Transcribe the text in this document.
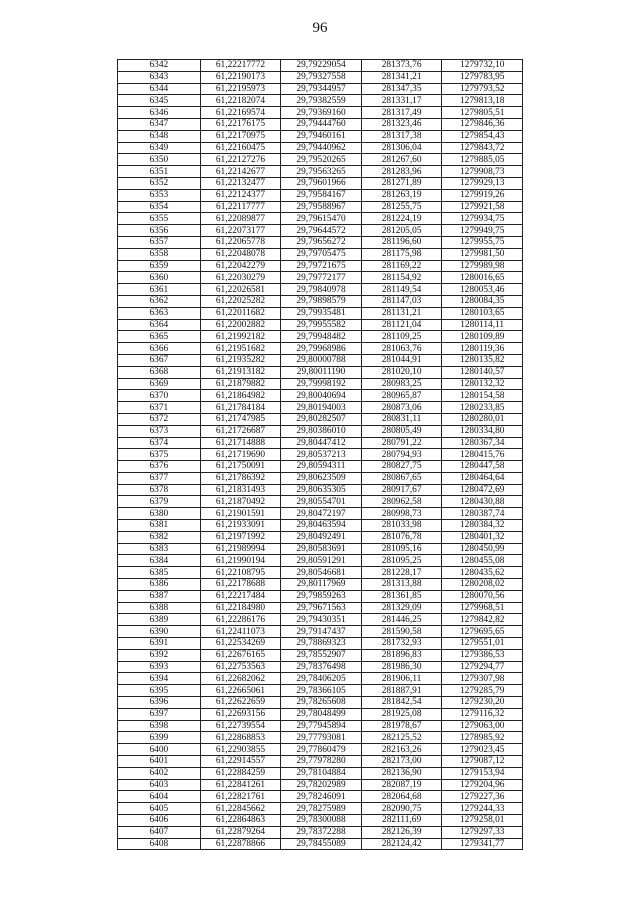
96
6342	61,22217772	29,79229054	281373,76	1279732,10
6343	61,22190173	29,79327558	281341,21	1279783,95
6344	61,22195973	29,79344957	281347,35	1279793,52
6345	61,22182074	29,79382559	281331,17	1279813,18
6346	61,22169574	29,79369160	281317,49	1279805,51
6347	61,22176175	29,79444760	281323,46	1279846,36
6348	61,22170975	29,79460161	281317,38	1279854,43
6349	61,22160475	29,79440962	281306,04	1279843,72
6350	61,22127276	29,79520265	281267,60	1279885,05
6351	61,22142677	29,79563265	281283,96	1279908,73
6352	61,22132477	29,79601966	281271,89	1279929,13
6353	61,22124377	29,79584167	281263,19	1279919,26
6354	61,22117777	29,79588967	281255,75	1279921,58
6355	61,22089877	29,79615470	281224,19	1279934,75
6356	61,22073177	29,79644572	281205,05	1279949,75
6357	61,22065778	29,79656272	281196,60	1279955,75
6358	61,22048078	29,79705475	281175,98	1279981,50
6359	61,22042279	29,79721675	281169,22	1279989,98
6360	61,22030279	29,79772177	281154,92	1280016,65
6361	61,22026581	29,79840978	281149,54	1280053,46
6362	61,22025282	29,79898579	281147,03	1280084,35
6363	61,22011682	29,79935481	281131,21	1280103,65
6364	61,22002882	29,79955582	281121,04	1280114,11
6365	61,21992182	29,79948482	281109,25	1280109,89
6366	61,21951682	29,79968986	281063,76	1280119,36
6367	61,21935282	29,80000788	281044,91	1280135,82
6368	61,21913182	29,80011190	281020,10	1280140,57
6369	61,21879882	29,79998192	280983,25	1280132,32
6370	61,21864982	29,80040694	280965,87	1280154,58
6371	61,21784184	29,80194003	280873,06	1280233,85
6372	61,21747985	29,80282507	280831,11	1280280,01
6373	61,21726687	29,80386010	280805,49	1280334,80
6374	61,21714888	29,80447412	280791,22	1280367,34
6375	61,21719690	29,80537213	280794,93	1280415,76
6376	61,21750091	29,80594311	280827,75	1280447,58
6377	61,21786392	29,80623509	280867,65	1280464,64
6378	61,21831493	29,80635305	280917,67	1280472,69
6379	61,21870492	29,80554701	280962,58	1280430,88
6380	61,21901591	29,80472197	280998,73	1280387,74
6381	61,21933091	29,80463594	281033,98	1280384,32
6382	61,21971992	29,80492491	281076,78	1280401,32
6383	61,21989994	29,80583691	281095,16	1280450,99
6384	61,21990194	29,80591291	281095,25	1280455,08
6385	61,22108795	29,80546681	281228,17	1280435,62
6386	61,22178688	29,80117969	281313,88	1280208,02
6387	61,22217484	29,79859263	281361,85	1280070,56
6388	61,22184980	29,79671563	281329,09	1279968,51
6389	61,22286176	29,79430351	281446,25	1279842,82
6390	61,22411073	29,79147437	281590,58	1279695,65
6391	61,22534269	29,78869323	281732,93	1279551,01
6392	61,22676165	29,78552907	281896,83	1279386,53
6393	61,22753563	29,78376498	281986,30	1279294,77
6394	61,22682062	29,78406205	281906,11	1279307,98
6395	61,22665061	29,78366105	281887,91	1279285,79
6396	61,22622659	29,78265608	281842,54	1279230,20
6397	61,22693156	29,78048499	281925,08	1279116,32
6398	61,22739554	29,77945894	281978,67	1279063,00
6399	61,22868853	29,77793081	282125,52	1278985,92
6400	61,22903855	29,77860479	282163,26	1279023,45
6401	61,22914557	29,77978280	282173,00	1279087,12
6402	61,22884259	29,78104884	282136,90	1279153,94
6403	61,22841261	29,78202989	282087,19	1279204,96
6404	61,22821761	29,78246091	282064,68	1279227,36
6405	61,22845662	29,78275989	282090,75	1279244,33
6406	61,22864863	29,78300088	282111,69	1279258,01
6407	61,22879264	29,78372288	282126,39	1279297,33
6408	61,22878866	29,78455089	282124,42	1279341,77
